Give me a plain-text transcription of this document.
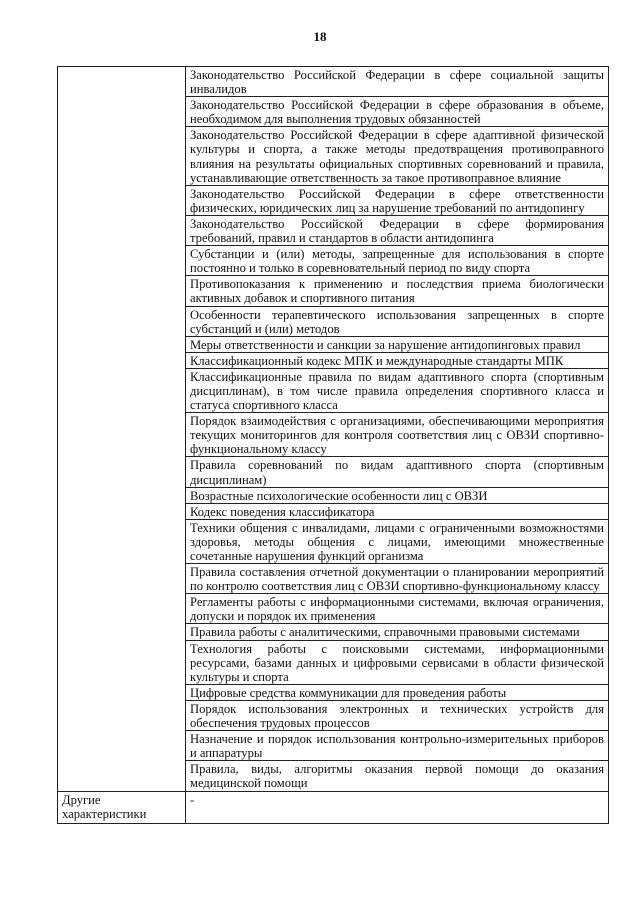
18
	Законодательство Российской Федерации в сфере социальной защиты инвалидов
	Законодательство Российской Федерации в сфере образования в объеме, необходимом для выполнения трудовых обязанностей
	Законодательство Российской Федерации в сфере адаптивной физической культуры и спорта, а также методы предотвращения противоправного влияния на результаты официальных спортивных соревнований и правила, устанавливающие ответственность за такое противоправное влияние
	Законодательство Российской Федерации в сфере ответственности физических, юридических лиц за нарушение требований по антидопингу
	Законодательство Российской Федерации в сфере формирования требований, правил и стандартов в области антидопинга
	Субстанции и (или) методы, запрещенные для использования в спорте постоянно и только в соревновательный период по виду спорта
	Противопоказания к применению и последствия приема биологически активных добавок и спортивного питания
	Особенности терапевтического использования запрещенных в спорте субстанций и (или) методов
	Меры ответственности и санкции за нарушение антидопинговых правил
	Классификационный кодекс МПК и международные стандарты МПК
	Классификационные правила по видам адаптивного спорта (спортивным дисциплинам), в том числе правила определения спортивного класса и статуса спортивного класса
	Порядок взаимодействия с организациями, обеспечивающими мероприятия текущих мониторингов для контроля соответствия лиц с ОВЗИ спортивно-функциональному классу
	Правила соревнований по видам адаптивного спорта (спортивным дисциплинам)
	Возрастные психологические особенности лиц с ОВЗИ
	Кодекс поведения классификатора
	Техники общения с инвалидами, лицами с ограниченными возможностями здоровья, методы общения с лицами, имеющими множественные сочетанные нарушения функций организма
	Правила составления отчетной документации о планировании мероприятий по контролю соответствия лиц с ОВЗИ спортивно-функциональному классу
	Регламенты работы с информационными системами, включая ограничения, допуски и порядок их применения
	Правила работы с аналитическими, справочными правовыми системами
	Технология работы с поисковыми системами, информационными ресурсами, базами данных и цифровыми сервисами в области физической культуры и спорта
	Цифровые средства коммуникации для проведения работы
	Порядок использования электронных и технических устройств для обеспечения трудовых процессов
	Назначение и порядок использования контрольно-измерительных приборов и аппаратуры
	Правила, виды, алгоритмы оказания первой помощи до оказания медицинской помощи
Другие характеристики	-
